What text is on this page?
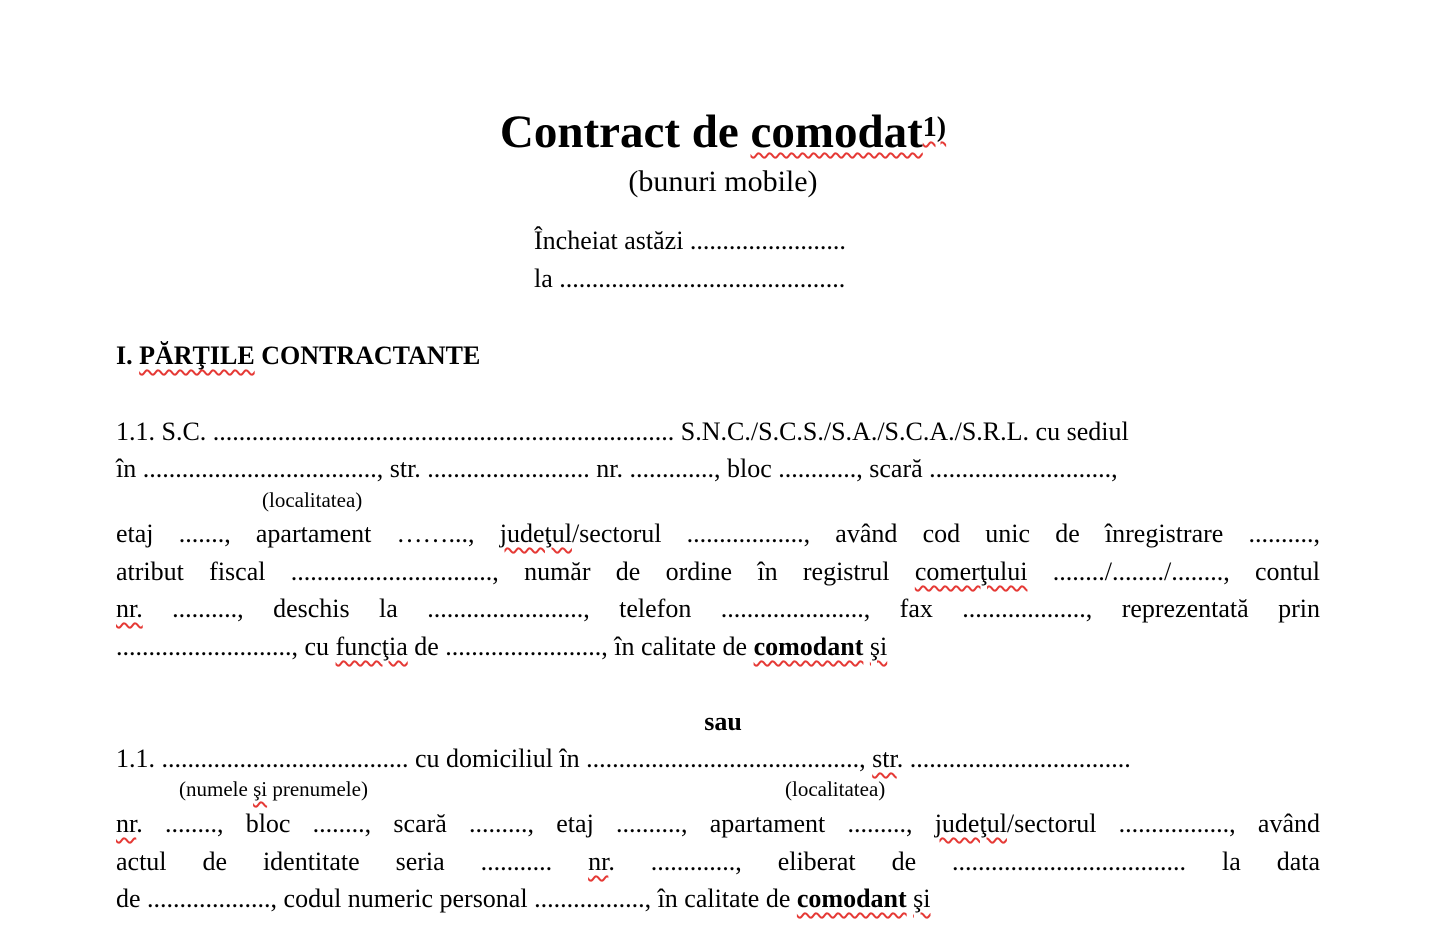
Contract de comodat$^{1)}$
(bunuri mobile)
Încheiat astăzi ........................
la ............................................
I. PĂRŢILE CONTRACTANTE
1.1. S.C. ....................................................................... S.N.C./S.C.S./S.A./S.C.A./S.R.L. cu sediul
în ...................................., str. ......................... nr. ............., bloc ............, scară ............................,
(localitatea)
etaj ......., apartament ……..., judeţul/sectorul .................., având cod unic de înregistrare ..........,
atribut fiscal ..............................., număr de ordine în registrul comerţului ......../......../........, contul
nr. .........., deschis la ........................, telefon ......................, fax ..................., reprezentată prin
..........................., cu funcţia de ........................, în calitate de comodant şi
sau
1.1. ...................................... cu domiciliul în .........................................., str. ..................................
(numele şi prenumele)	(localitatea)
nr. ........, bloc ........, scară ........., etaj .........., apartament ........., judeţul/sectorul ................., având
actul de identitate seria ........... nr. ............., eliberat de .................................... la data
de ..................., codul numeric personal ................., în calitate de comodant şi
